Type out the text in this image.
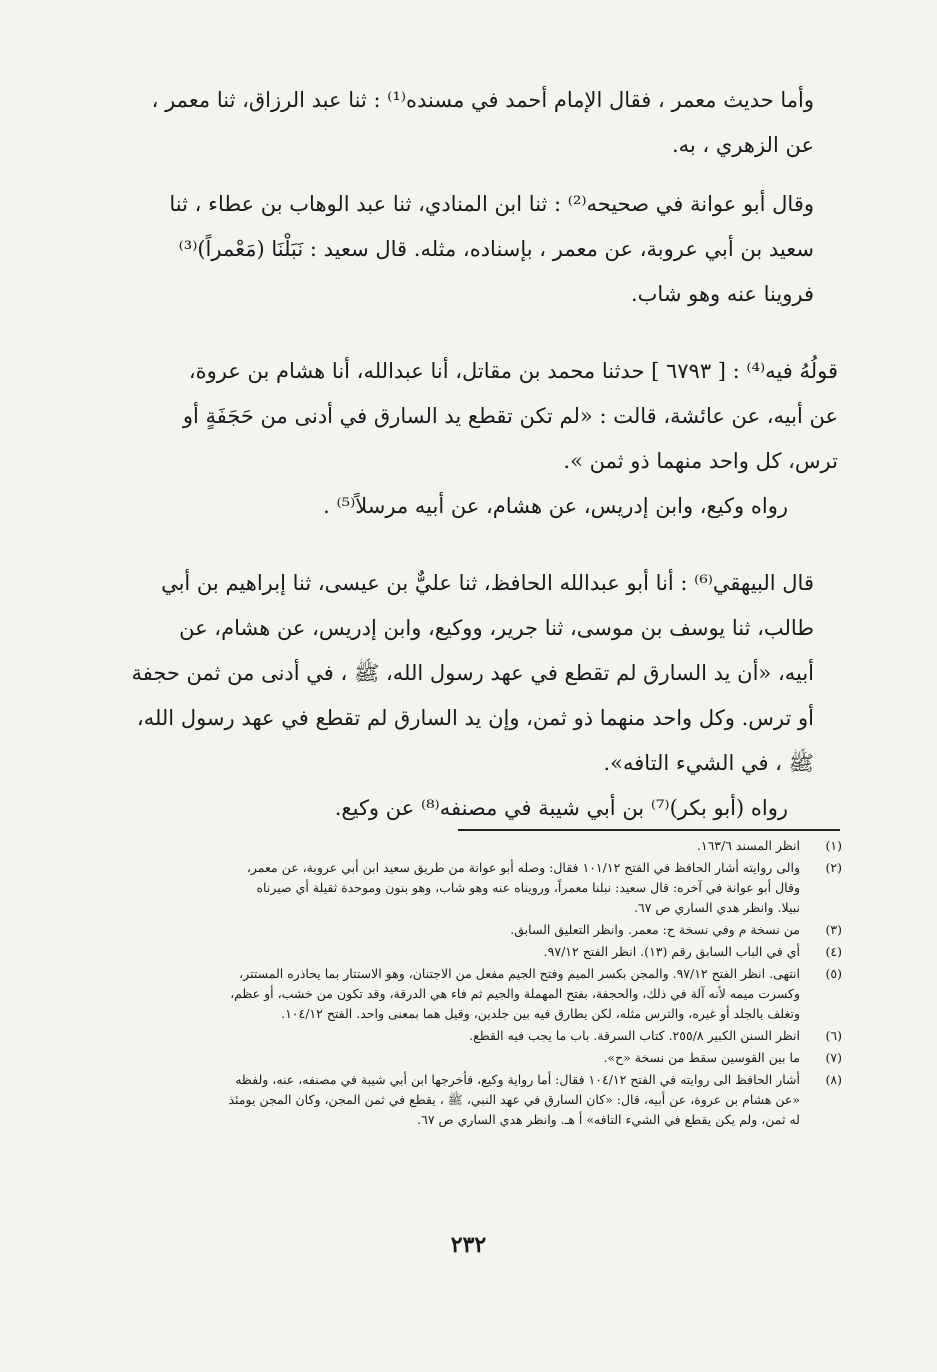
وأما حديث معمر ، فقال الإمام أحمد في مسنده⁽¹⁾ : ثنا عبد الرزاق، ثنا معمر ،

عن الزهري ، به.

وقال أبو عوانة في صحيحه⁽²⁾ : ثنا ابن المنادي، ثنا عبد الوهاب بن عطاء ، ثنا

سعيد بن أبي عروبة، عن معمر ، بإسناده، مثله. قال سعيد : نَبَلْنَا (مَعْمراً)⁽³⁾

فروينا عنه وهو شاب.

قولُهُ فيه⁽⁴⁾ : [ ٦٧٩٣ ] حدثنا محمد بن مقاتل، أنا عبدالله، أنا هشام بن عروة،

عن أبيه، عن عائشة، قالت : «لم تكن تقطع يد السارق في أدنى من حَجَفَةٍ أو

ترس، كل واحد منهما ذو ثمن ».

رواه وكيع، وابن إدريس، عن هشام، عن أبيه مرسلاً⁽⁵⁾ .

قال البيهقي⁽⁶⁾ : أنا أبو عبدالله الحافظ، ثنا عليٌّ بن عيسى، ثنا إبراهيم بن أبي

طالب، ثنا يوسف بن موسى، ثنا جرير، ووكيع، وابن إدريس، عن هشام، عن

أبيه، «أن يد السارق لم تقطع في عهد رسول الله، ﷺ ، في أدنى من ثمن حجفة

أو ترس. وكل واحد منهما ذو ثمن، وإن يد السارق لم تقطع في عهد رسول الله،

ﷺ ، في الشيء التافه».

رواه (أبو بكر)⁽⁷⁾ بن أبي شيبة في مصنفه⁽⁸⁾ عن وكيع.

(١)
انظر المسند ١٦٣/٦.
(٢)
والى روايته أشار الحافظ في الفتح ١٠١/١٢ فقال: وصله أبو عوانة من طريق سعيد ابن أبي عروبة، عن معمر،
وقال أبو عوانة في آخره: قال سعيد: نبلنا معمراً، ورويناه عنه وهو شاب، وهو بنون وموحدة ثقيلة أي صيرناه
نبيلا. وانظر هدي الساري ص ٦٧.
(٣)
من نسخة م وفي نسخة ح: معمر. وانظر التعليق السابق.
(٤)
أي في الباب السابق رقم (١٣). انظر الفتح ٩٧/١٢.
(٥)
انتهى. انظر الفتح ٩٧/١٢. والمجن بكسر الميم وفتح الجيم مفعل من الاجتنان، وهو الاستتار بما يحاذره المستتر،
وكسرت ميمه لأنه آلة في ذلك، والحجفة، بفتح المهملة والجيم ثم فاء هي الدرقة، وقد تكون من خشب، أو عظم،
وتغلف بالجلد أو غيره، والترس مثله، لكن يطارق فيه بين جلدين، وقيل هما بمعنى واحد. الفتح ١٠٤/١٢.
(٦)
انظر السنن الكبير ٢٥٥/٨. كتاب السرقة. باب ما يجب فيه القطع.
(٧)
ما بين القوسين سقط من نسخة «ح».
(٨)
أشار الحافظ الى روايته في الفتح ١٠٤/١٢ فقال: أما رواية وكيع، فأخرجها ابن أبي شيبة في مصنفه، عنه، ولفظه
«عن هشام بن عروة، عن أبيه، قال: «كان السارق في عهد النبي، ﷺ ، يقطع في ثمن المجن، وكان المجن يومئذ
له ثمن، ولم يكن يقطع في الشيء التافه» أ هـ. وانظر هدي الساري ص ٦٧.
٢٣٢
